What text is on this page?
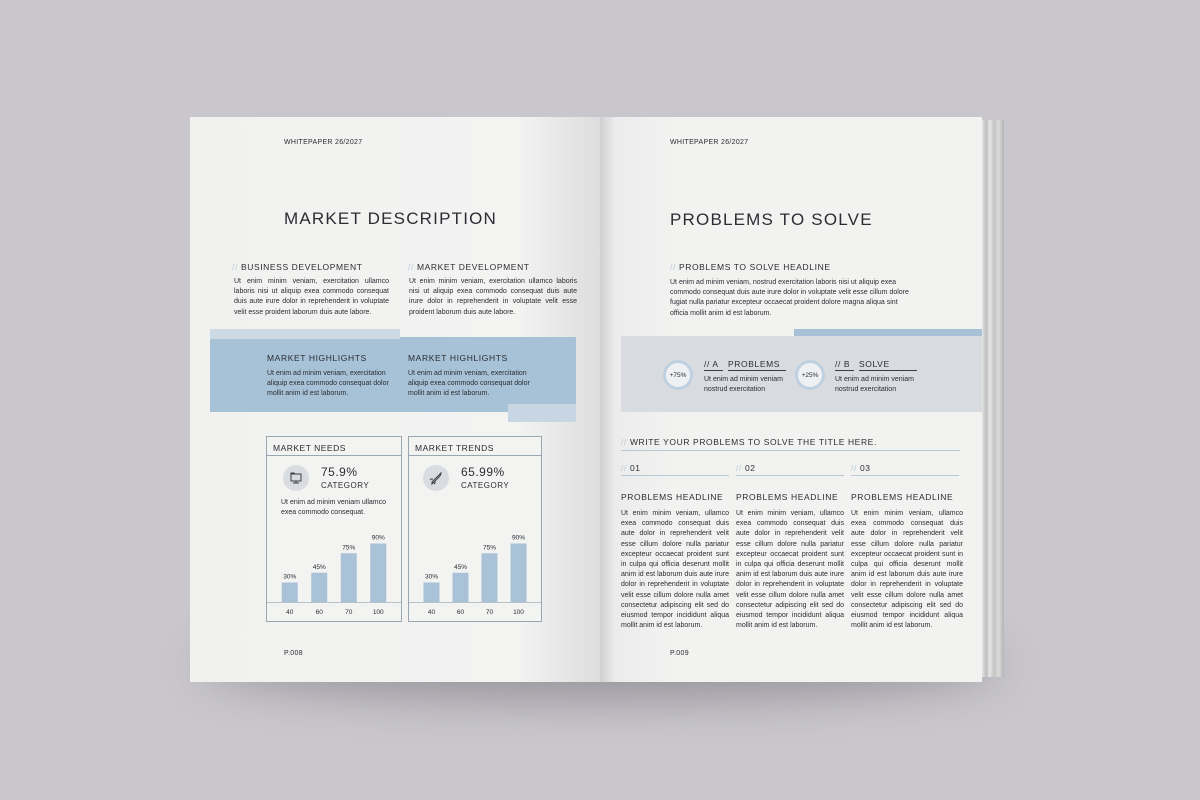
WHITEPAPER 26/2027
MARKET DESCRIPTION
// BUSINESS DEVELOPMENT
Ut enim minim veniam, exercitation ullamco laboris nisi ut aliquip exea commodo consequat duis aute irure dolor in reprehenderit in voluptate velit esse proident laborum duis aute labore.
// MARKET DEVELOPMENT
Ut enim minim veniam, exercitation ullamco laboris nisi ut aliquip exea commodo consequat duis aute irure dolor in reprehenderit in voluptate velit esse proident laborum duis aute labore.
MARKET HIGHLIGHTS
Ut enim ad minim veniam, exercitation aliquip exea commodo consequat dolor mollit anim id est laborum.
MARKET HIGHLIGHTS
Ut enim ad minim veniam, exercitation aliquip exea commodo consequat dolor mollit anim id est laborum.
MARKET NEEDS
75.9%
CATEGORY
Ut enim ad minim veniam ullamco exea commodo consequat.
30%
40
45%
60
75%
70
90%
100
MARKET TRENDS
65.99%
CATEGORY
30%
40
45%
60
75%
70
90%
100
P.008
WHITEPAPER 26/2027
PROBLEMS TO SOLVE
// PROBLEMS TO SOLVE HEADLINE
Ut enim ad minim veniam, nostrud exercitation laboris nisi ut aliquip exea commodo consequat duis aute irure dolor in voluptate velit esse cillum dolore fugiat nulla pariatur excepteur occaecat proident dolore magna aliqua sint officia mollit anim id est laborum.
+75%
// A PROBLEMS
Ut enim ad minim veniam nostrud exercitation
+25%
// B SOLVE
Ut enim ad minim veniam nostrud exercitation
// WRITE YOUR PROBLEMS TO SOLVE THE TITLE HERE.
// 01
PROBLEMS HEADLINE
Ut enim minim veniam, ullamco exea commodo consequat duis aute dolor in reprehenderit velit esse cillum dolore nulla pariatur excepteur occaecat proident sunt in culpa qui officia deserunt mollit anim id est laborum duis aute irure dolor in reprehenderit in voluptate velit esse cillum dolore nulla amet consectetur adipiscing elit sed do eiusmod tempor incididunt aliqua mollit anim id est laborum.
// 02
PROBLEMS HEADLINE
Ut enim minim veniam, ullamco exea commodo consequat duis aute dolor in reprehenderit velit esse cillum dolore nulla pariatur excepteur occaecat proident sunt in culpa qui officia deserunt mollit anim id est laborum duis aute irure dolor in reprehenderit in voluptate velit esse cillum dolore nulla amet consectetur adipiscing elit sed do eiusmod tempor incididunt aliqua mollit anim id est laborum.
// 03
PROBLEMS HEADLINE
Ut enim minim veniam, ullamco exea commodo consequat duis aute dolor in reprehenderit velit esse cillum dolore nulla pariatur excepteur occaecat proident sunt in culpa qui officia deserunt mollit anim id est laborum duis aute irure dolor in reprehenderit in voluptate velit esse cillum dolore nulla amet consectetur adipiscing elit sed do eiusmod tempor incididunt aliqua mollit anim id est laborum.
P.009
